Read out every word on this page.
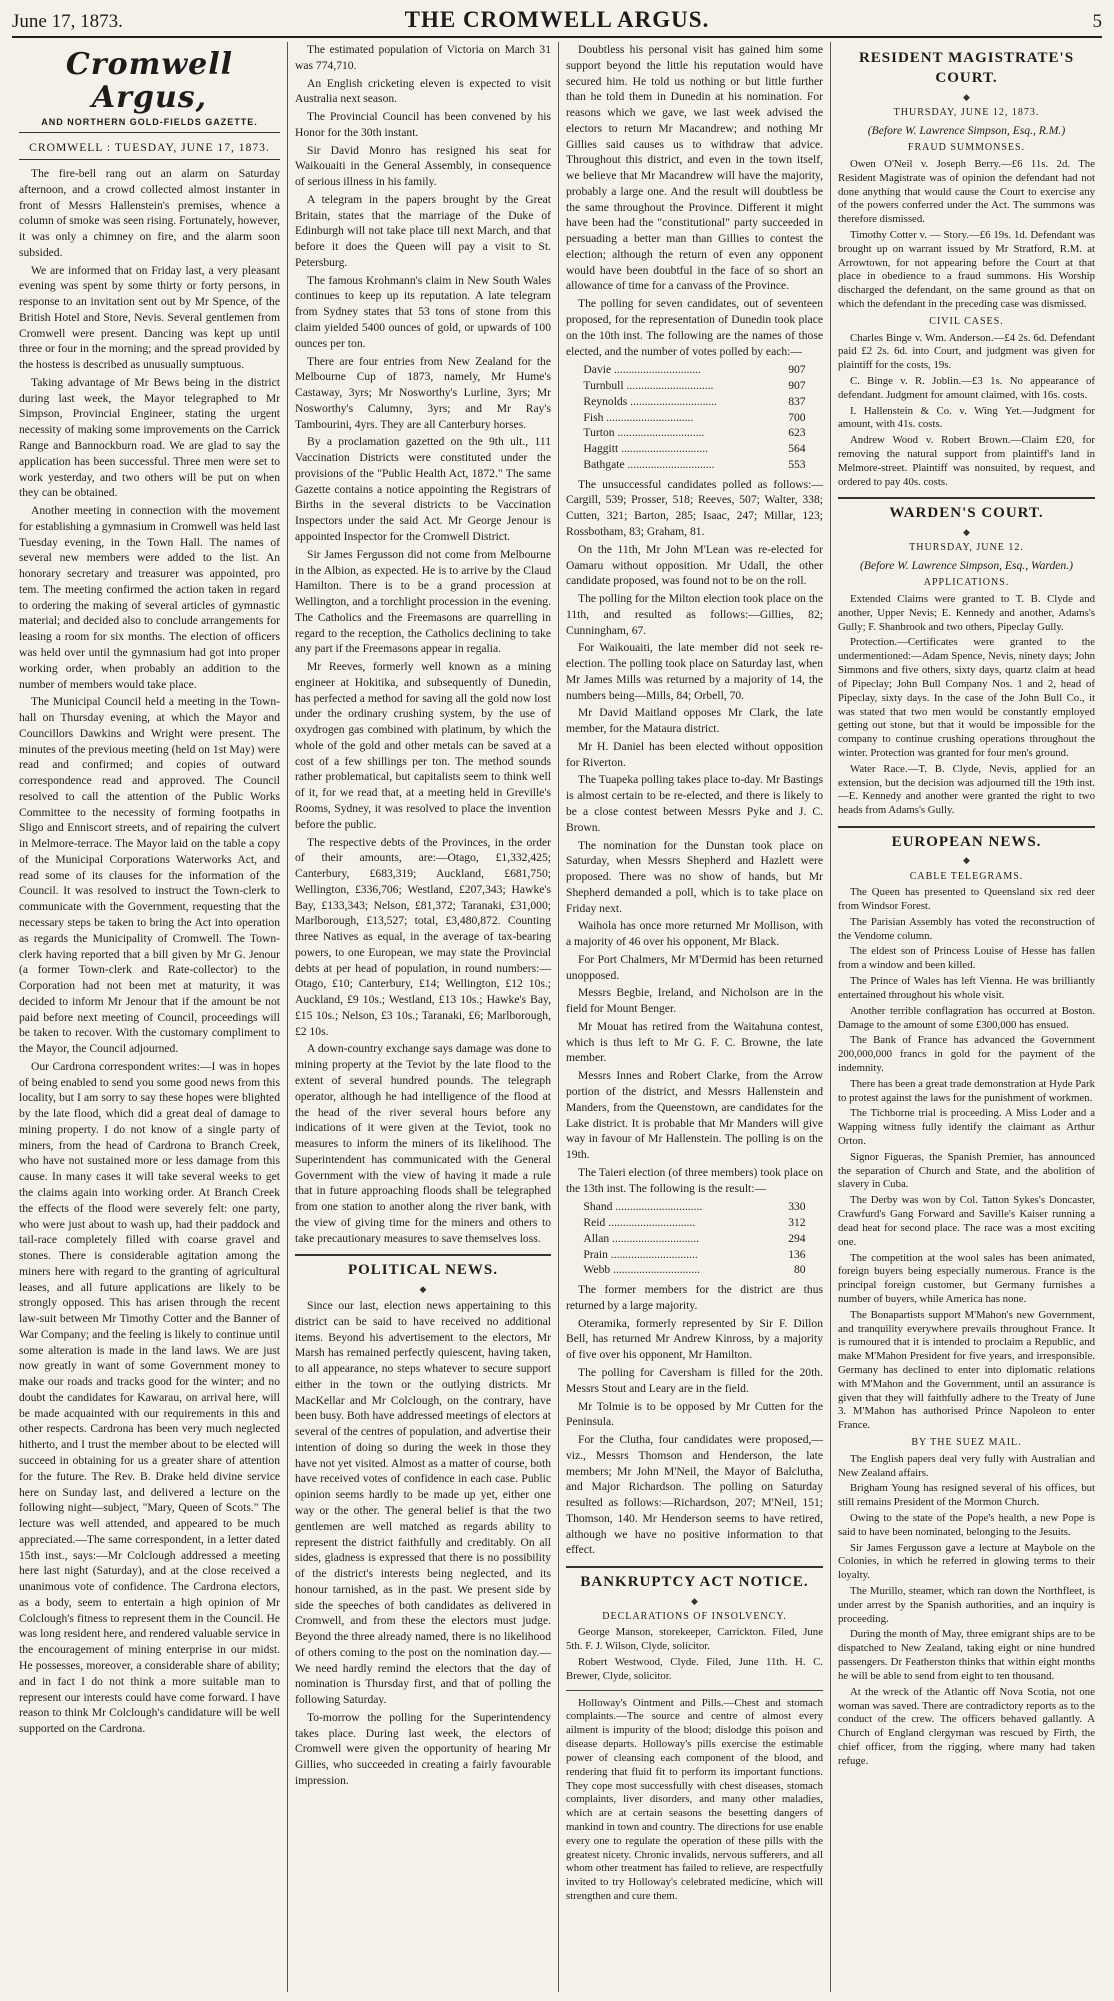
June 17, 1873.	THE CROMWELL ARGUS.	5
Cromwell Argus,
AND NORTHERN GOLD-FIELDS GAZETTE.
CROMWELL : TUESDAY, JUNE 17, 1873.

The fire-bell rang out an alarm on Saturday afternoon, and a crowd collected almost instanter in front of Messrs Hallenstein's premises, whence a column of smoke was seen rising. Fortunately, however, it was only a chimney on fire, and the alarm soon subsided.

We are informed that on Friday last, a very pleasant evening was spent by some thirty or forty persons, in response to an invitation sent out by Mr Spence, of the British Hotel and Store, Nevis. Several gentlemen from Cromwell were present. Dancing was kept up until three or four in the morning; and the spread provided by the hostess is described as unusually sumptuous.

Taking advantage of Mr Bews being in the district during last week, the Mayor telegraphed to Mr Simpson, Provincial Engineer, stating the urgent necessity of making some improvements on the Carrick Range and Bannockburn road. We are glad to say the application has been successful. Three men were set to work yesterday, and two others will be put on when they can be obtained.

Another meeting in connection with the movement for establishing a gymnasium in Cromwell was held last Tuesday evening, in the Town Hall. The names of several new members were added to the list. An honorary secretary and treasurer was appointed, pro tem. The meeting confirmed the action taken in regard to ordering the making of several articles of gymnastic material; and decided also to conclude arrangements for leasing a room for six months. The election of officers was held over until the gymnasium had got into proper working order, when probably an addition to the number of members would take place.

The Municipal Council held a meeting in the Town-hall on Thursday evening, at which the Mayor and Councillors Dawkins and Wright were present. The minutes of the previous meeting (held on 1st May) were read and confirmed; and copies of outward correspondence read and approved. The Council resolved to call the attention of the Public Works Committee to the necessity of forming footpaths in Sligo and Enniscort streets, and of repairing the culvert in Melmore-terrace. The Mayor laid on the table a copy of the Municipal Corporations Waterworks Act, and read some of its clauses for the information of the Council. It was resolved to instruct the Town-clerk to communicate with the Government, requesting that the necessary steps be taken to bring the Act into operation as regards the Municipality of Cromwell. The Town-clerk having reported that a bill given by Mr G. Jenour (a former Town-clerk and Rate-collector) to the Corporation had not been met at maturity, it was decided to inform Mr Jenour that if the amount be not paid before next meeting of Council, proceedings will be taken to recover. With the customary compliment to the Mayor, the Council adjourned.

Our Cardrona correspondent writes:—I was in hopes of being enabled to send you some good news from this locality, but I am sorry to say these hopes were blighted by the late flood, which did a great deal of damage to mining property. I do not know of a single party of miners, from the head of Cardrona to Branch Creek, who have not sustained more or less damage from this cause. In many cases it will take several weeks to get the claims again into working order. At Branch Creek the effects of the flood were severely felt: one party, who were just about to wash up, had their paddock and tail-race completely filled with coarse gravel and stones. There is considerable agitation among the miners here with regard to the granting of agricultural leases, and all future applications are likely to be strongly opposed. This has arisen through the recent law-suit between Mr Timothy Cotter and the Banner of War Company; and the feeling is likely to continue until some alteration is made in the land laws. We are just now greatly in want of some Government money to make our roads and tracks good for the winter; and no doubt the candidates for Kawarau, on arrival here, will be made acquainted with our requirements in this and other respects. Cardrona has been very much neglected hitherto, and I trust the member about to be elected will succeed in obtaining for us a greater share of attention for the future. The Rev. B. Drake held divine service here on Sunday last, and delivered a lecture on the following night—subject, "Mary, Queen of Scots." The lecture was well attended, and appeared to be much appreciated.—The same correspondent, in a letter dated 15th inst., says:—Mr Colclough addressed a meeting here last night (Saturday), and at the close received a unanimous vote of confidence. The Cardrona electors, as a body, seem to entertain a high opinion of Mr Colclough's fitness to represent them in the Council. He was long resident here, and rendered valuable service in the encouragement of mining enterprise in our midst. He possesses, moreover, a considerable share of ability; and in fact I do not think a more suitable man to represent our interests could have come forward. I have reason to think Mr Colclough's candidature will be well supported on the Cardrona.

The estimated population of Victoria on March 31 was 774,710.

An English cricketing eleven is expected to visit Australia next season.

The Provincial Council has been convened by his Honor for the 30th instant.

Sir David Monro has resigned his seat for Waikouaiti in the General Assembly, in consequence of serious illness in his family.

A telegram in the papers brought by the Great Britain, states that the marriage of the Duke of Edinburgh will not take place till next March, and that before it does the Queen will pay a visit to St. Petersburg.

The famous Krohmann's claim in New South Wales continues to keep up its reputation. A late telegram from Sydney states that 53 tons of stone from this claim yielded 5400 ounces of gold, or upwards of 100 ounces per ton.

There are four entries from New Zealand for the Melbourne Cup of 1873, namely, Mr Hume's Castaway, 3yrs; Mr Nosworthy's Lurline, 3yrs; Mr Nosworthy's Calumny, 3yrs; and Mr Ray's Tambourini, 4yrs. They are all Canterbury horses.

By a proclamation gazetted on the 9th ult., 111 Vaccination Districts were constituted under the provisions of the "Public Health Act, 1872." The same Gazette contains a notice appointing the Registrars of Births in the several districts to be Vaccination Inspectors under the said Act. Mr George Jenour is appointed Inspector for the Cromwell District.

Sir James Fergusson did not come from Melbourne in the Albion, as expected. He is to arrive by the Claud Hamilton. There is to be a grand procession at Wellington, and a torchlight procession in the evening. The Catholics and the Freemasons are quarrelling in regard to the reception, the Catholics declining to take any part if the Freemasons appear in regalia.

Mr Reeves, formerly well known as a mining engineer at Hokitika, and subsequently of Dunedin, has perfected a method for saving all the gold now lost under the ordinary crushing system, by the use of oxydrogen gas combined with platinum, by which the whole of the gold and other metals can be saved at a cost of a few shillings per ton. The method sounds rather problematical, but capitalists seem to think well of it, for we read that, at a meeting held in Greville's Rooms, Sydney, it was resolved to place the invention before the public.

The respective debts of the Provinces, in the order of their amounts, are:—Otago, £1,332,425; Canterbury, £683,319; Auckland, £681,750; Wellington, £336,706; Westland, £207,343; Hawke's Bay, £133,343; Nelson, £81,372; Taranaki, £31,000; Marlborough, £13,527; total, £3,480,872. Counting three Natives as equal, in the average of tax-bearing powers, to one European, we may state the Provincial debts at per head of population, in round numbers:—Otago, £10; Canterbury, £14; Wellington, £12 10s.; Auckland, £9 10s.; Westland, £13 10s.; Hawke's Bay, £15 10s.; Nelson, £3 10s.; Taranaki, £6; Marlborough, £2 10s.

A down-country exchange says damage was done to mining property at the Teviot by the late flood to the extent of several hundred pounds. The telegraph operator, although he had intelligence of the flood at the head of the river several hours before any indications of it were given at the Teviot, took no measures to inform the miners of its likelihood. The Superintendent has communicated with the General Government with the view of having it made a rule that in future approaching floods shall be telegraphed from one station to another along the river bank, with the view of giving time for the miners and others to take precautionary measures to save themselves loss.

POLITICAL NEWS.
◆

Since our last, election news appertaining to this district can be said to have received no additional items. Beyond his advertisement to the electors, Mr Marsh has remained perfectly quiescent, having taken, to all appearance, no steps whatever to secure support either in the town or the outlying districts. Mr MacKellar and Mr Colclough, on the contrary, have been busy. Both have addressed meetings of electors at several of the centres of population, and advertise their intention of doing so during the week in those they have not yet visited. Almost as a matter of course, both have received votes of confidence in each case. Public opinion seems hardly to be made up yet, either one way or the other. The general belief is that the two gentlemen are well matched as regards ability to represent the district faithfully and creditably. On all sides, gladness is expressed that there is no possibility of the district's interests being neglected, and its honour tarnished, as in the past. We present side by side the speeches of both candidates as delivered in Cromwell, and from these the electors must judge. Beyond the three already named, there is no likelihood of others coming to the post on the nomination day.—We need hardly remind the electors that the day of nomination is Thursday first, and that of polling the following Saturday.

To-morrow the polling for the Superintendency takes place. During last week, the electors of Cromwell were given the opportunity of hearing Mr Gillies, who succeeded in creating a fairly favourable impression.

Doubtless his personal visit has gained him some support beyond the little his reputation would have secured him. He told us nothing or but little further than he told them in Dunedin at his nomination. For reasons which we gave, we last week advised the electors to return Mr Macandrew; and nothing Mr Gillies said causes us to withdraw that advice. Throughout this district, and even in the town itself, we believe that Mr Macandrew will have the majority, probably a large one. And the result will doubtless be the same throughout the Province. Different it might have been had the "constitutional" party succeeded in persuading a better man than Gillies to contest the election; although the return of even any opponent would have been doubtful in the face of so short an allowance of time for a canvass of the Province.

The polling for seven candidates, out of seventeen proposed, for the representation of Dunedin took place on the 10th inst. The following are the names of those elected, and the number of votes polled by each:—

Davie ..............................	907
Turnbull ..............................	907
Reynolds ..............................	837
Fish ..............................	700
Turton ..............................	623
Haggitt ..............................	564
Bathgate ..............................	553

The unsuccessful candidates polled as follows:—Cargill, 539; Prosser, 518; Reeves, 507; Walter, 338; Cutten, 321; Barton, 285; Isaac, 247; Millar, 123; Rossbotham, 83; Graham, 81.

On the 11th, Mr John M'Lean was re-elected for Oamaru without opposition. Mr Udall, the other candidate proposed, was found not to be on the roll.

The polling for the Milton election took place on the 11th, and resulted as follows:—Gillies, 82; Cunningham, 67.

For Waikouaiti, the late member did not seek re-election. The polling took place on Saturday last, when Mr James Mills was returned by a majority of 14, the numbers being—Mills, 84; Orbell, 70.

Mr David Maitland opposes Mr Clark, the late member, for the Mataura district.

Mr H. Daniel has been elected without opposition for Riverton.

The Tuapeka polling takes place to-day. Mr Bastings is almost certain to be re-elected, and there is likely to be a close contest between Messrs Pyke and J. C. Brown.

The nomination for the Dunstan took place on Saturday, when Messrs Shepherd and Hazlett were proposed. There was no show of hands, but Mr Shepherd demanded a poll, which is to take place on Friday next.

Waihola has once more returned Mr Mollison, with a majority of 46 over his opponent, Mr Black.

For Port Chalmers, Mr M'Dermid has been returned unopposed.

Messrs Begbie, Ireland, and Nicholson are in the field for Mount Benger.

Mr Mouat has retired from the Waitahuna contest, which is thus left to Mr G. F. C. Browne, the late member.

Messrs Innes and Robert Clarke, from the Arrow portion of the district, and Messrs Hallenstein and Manders, from the Queenstown, are candidates for the Lake district. It is probable that Mr Manders will give way in favour of Mr Hallenstein. The polling is on the 19th.

The Taieri election (of three members) took place on the 13th inst. The following is the result:—

Shand ..............................	330
Reid ..............................	312
Allan ..............................	294
Prain ..............................	136
Webb ..............................	80

The former members for the district are thus returned by a large majority.

Oteramika, formerly represented by Sir F. Dillon Bell, has returned Mr Andrew Kinross, by a majority of five over his opponent, Mr Hamilton.

The polling for Caversham is filled for the 20th. Messrs Stout and Leary are in the field.

Mr Tolmie is to be opposed by Mr Cutten for the Peninsula.

For the Clutha, four candidates were proposed,—viz., Messrs Thomson and Henderson, the late members; Mr John M'Neil, the Mayor of Balclutha, and Major Richardson. The polling on Saturday resulted as follows:—Richardson, 207; M'Neil, 151; Thomson, 140. Mr Henderson seems to have retired, although we have no positive information to that effect.

BANKRUPTCY ACT NOTICE.
◆
DECLARATIONS OF INSOLVENCY.

George Manson, storekeeper, Carrickton. Filed, June 5th. F. J. Wilson, Clyde, solicitor.

Robert Westwood, Clyde. Filed, June 11th. H. C. Brewer, Clyde, solicitor.

Holloway's Ointment and Pills.—Chest and stomach complaints.—The source and centre of almost every ailment is impurity of the blood; dislodge this poison and disease departs. Holloway's pills exercise the estimable power of cleansing each component of the blood, and rendering that fluid fit to perform its important functions. They cope most successfully with chest diseases, stomach complaints, liver disorders, and many other maladies, which are at certain seasons the besetting dangers of mankind in town and country. The directions for use enable every one to regulate the operation of these pills with the greatest nicety. Chronic invalids, nervous sufferers, and all whom other treatment has failed to relieve, are respectfully invited to try Holloway's celebrated medicine, which will strengthen and cure them.

RESIDENT MAGISTRATE'S COURT.
◆
THURSDAY, JUNE 12, 1873.
(Before W. Lawrence Simpson, Esq., R.M.)
FRAUD SUMMONSES.

Owen O'Neil v. Joseph Berry.—£6 11s. 2d. The Resident Magistrate was of opinion the defendant had not done anything that would cause the Court to exercise any of the powers conferred under the Act. The summons was therefore dismissed.

Timothy Cotter v. — Story.—£6 19s. 1d. Defendant was brought up on warrant issued by Mr Stratford, R.M. at Arrowtown, for not appearing before the Court at that place in obedience to a fraud summons. His Worship discharged the defendant, on the same ground as that on which the defendant in the preceding case was dismissed.

CIVIL CASES.

Charles Binge v. Wm. Anderson.—£4 2s. 6d. Defendant paid £2 2s. 6d. into Court, and judgment was given for plaintiff for the costs, 19s.

C. Binge v. R. Joblin.—£3 1s. No appearance of defendant. Judgment for amount claimed, with 16s. costs.

I. Hallenstein & Co. v. Wing Yet.—Judgment for amount, with 41s. costs.

Andrew Wood v. Robert Brown.—Claim £20, for removing the natural support from plaintiff's land in Melmore-street. Plaintiff was nonsuited, by request, and ordered to pay 40s. costs.

WARDEN'S COURT.
◆
THURSDAY, JUNE 12.
(Before W. Lawrence Simpson, Esq., Warden.)
APPLICATIONS.

Extended Claims were granted to T. B. Clyde and another, Upper Nevis; E. Kennedy and another, Adams's Gully; F. Shanbrook and two others, Pipeclay Gully.

Protection.—Certificates were granted to the undermentioned:—Adam Spence, Nevis, ninety days; John Simmons and five others, sixty days, quartz claim at head of Pipeclay; John Bull Company Nos. 1 and 2, head of Pipeclay, sixty days. In the case of the John Bull Co., it was stated that two men would be constantly employed getting out stone, but that it would be impossible for the company to continue crushing operations throughout the winter. Protection was granted for four men's ground.

Water Race.—T. B. Clyde, Nevis, applied for an extension, but the decision was adjourned till the 19th inst.—E. Kennedy and another were granted the right to two heads from Adams's Gully.

EUROPEAN NEWS.
◆
CABLE TELEGRAMS.

The Queen has presented to Queensland six red deer from Windsor Forest.

The Parisian Assembly has voted the reconstruction of the Vendome column.

The eldest son of Princess Louise of Hesse has fallen from a window and been killed.

The Prince of Wales has left Vienna. He was brilliantly entertained throughout his whole visit.

Another terrible conflagration has occurred at Boston. Damage to the amount of some £300,000 has ensued.

The Bank of France has advanced the Government 200,000,000 francs in gold for the payment of the indemnity.

There has been a great trade demonstration at Hyde Park to protest against the laws for the punishment of workmen.

The Tichborne trial is proceeding. A Miss Loder and a Wapping witness fully identify the claimant as Arthur Orton.

Signor Figueras, the Spanish Premier, has announced the separation of Church and State, and the abolition of slavery in Cuba.

The Derby was won by Col. Tatton Sykes's Doncaster, Crawfurd's Gang Forward and Saville's Kaiser running a dead heat for second place. The race was a most exciting one.

The competition at the wool sales has been animated, foreign buyers being especially numerous. France is the principal foreign customer, but Germany furnishes a number of buyers, while America has none.

The Bonapartists support M'Mahon's new Government, and tranquility everywhere prevails throughout France. It is rumoured that it is intended to proclaim a Republic, and make M'Mahon President for five years, and irresponsible. Germany has declined to enter into diplomatic relations with M'Mahon and the Government, until an assurance is given that they will faithfully adhere to the Treaty of June 3. M'Mahon has authorised Prince Napoleon to enter France.

BY THE SUEZ MAIL.

The English papers deal very fully with Australian and New Zealand affairs.

Brigham Young has resigned several of his offices, but still remains President of the Mormon Church.

Owing to the state of the Pope's health, a new Pope is said to have been nominated, belonging to the Jesuits.

Sir James Fergusson gave a lecture at Maybole on the Colonies, in which he referred in glowing terms to their loyalty.

The Murillo, steamer, which ran down the Northfleet, is under arrest by the Spanish authorities, and an inquiry is proceeding.

During the month of May, three emigrant ships are to be dispatched to New Zealand, taking eight or nine hundred passengers. Dr Featherston thinks that within eight months he will be able to send from eight to ten thousand.

At the wreck of the Atlantic off Nova Scotia, not one woman was saved. There are contradictory reports as to the conduct of the crew. The officers behaved gallantly. A Church of England clergyman was rescued by Firth, the chief officer, from the rigging, where many had taken refuge.
